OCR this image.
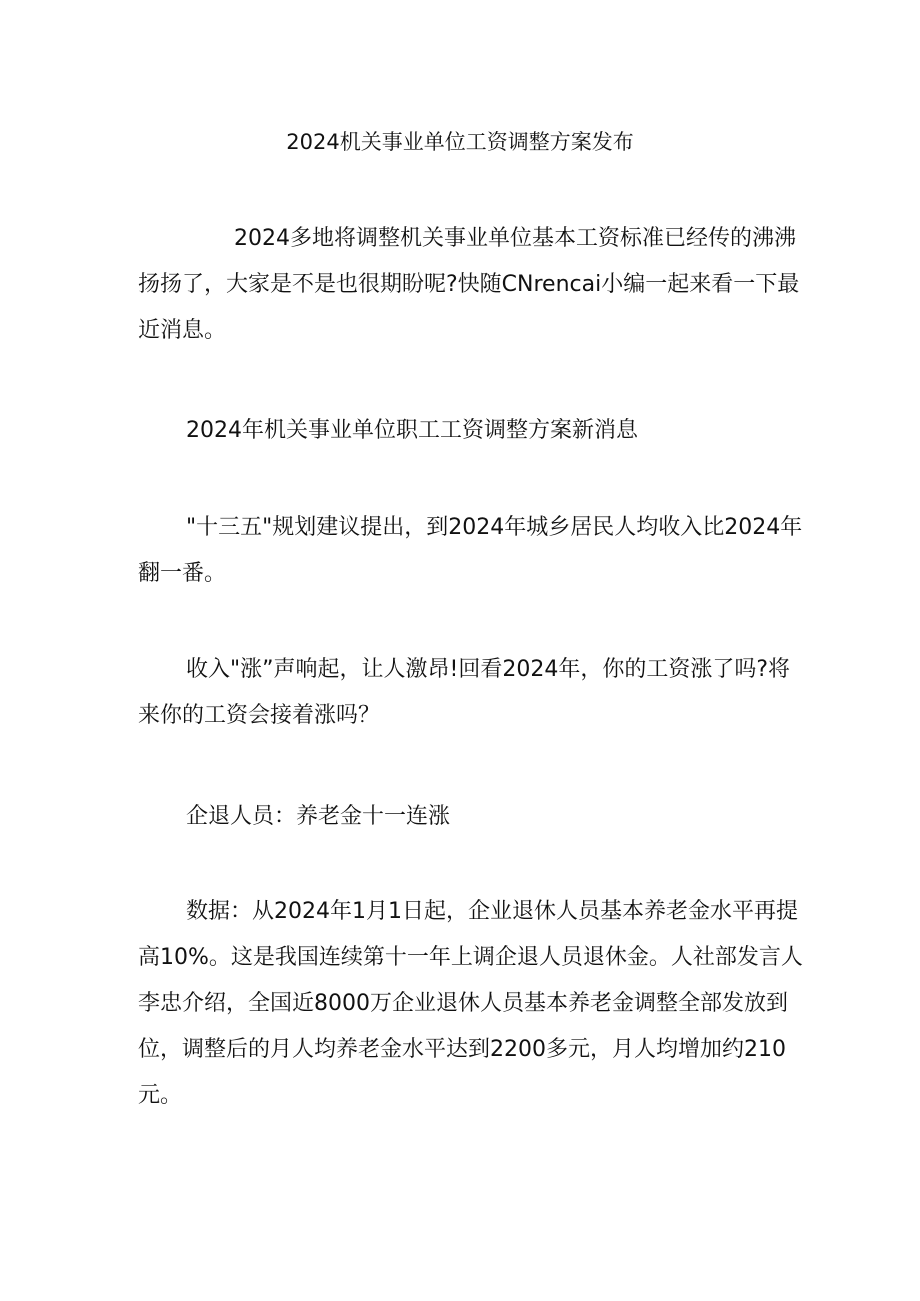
2024机关事业单位工资调整方案发布

2024多地将调整机关事业单位基本工资标准已经传的沸沸扬扬了，大家是不是也很期盼呢?快随CNrencai小编一起来看一下最近消息。

2024年机关事业单位职工工资调整方案新消息

"十三五"规划建议提出，到2024年城乡居民人均收入比2024年翻一番。

收入"涨”声响起，让人激昂!回看2024年，你的工资涨了吗?将来你的工资会接着涨吗？

企退人员：养老金十一连涨

数据：从2024年1月1日起，企业退休人员基本养老金水平再提高10%。这是我国连续第十一年上调企退人员退休金。人社部发言人李忠介绍，全国近8000万企业退休人员基本养老金调整全部发放到位，调整后的月人均养老金水平达到2200多元，月人均增加约210元。
